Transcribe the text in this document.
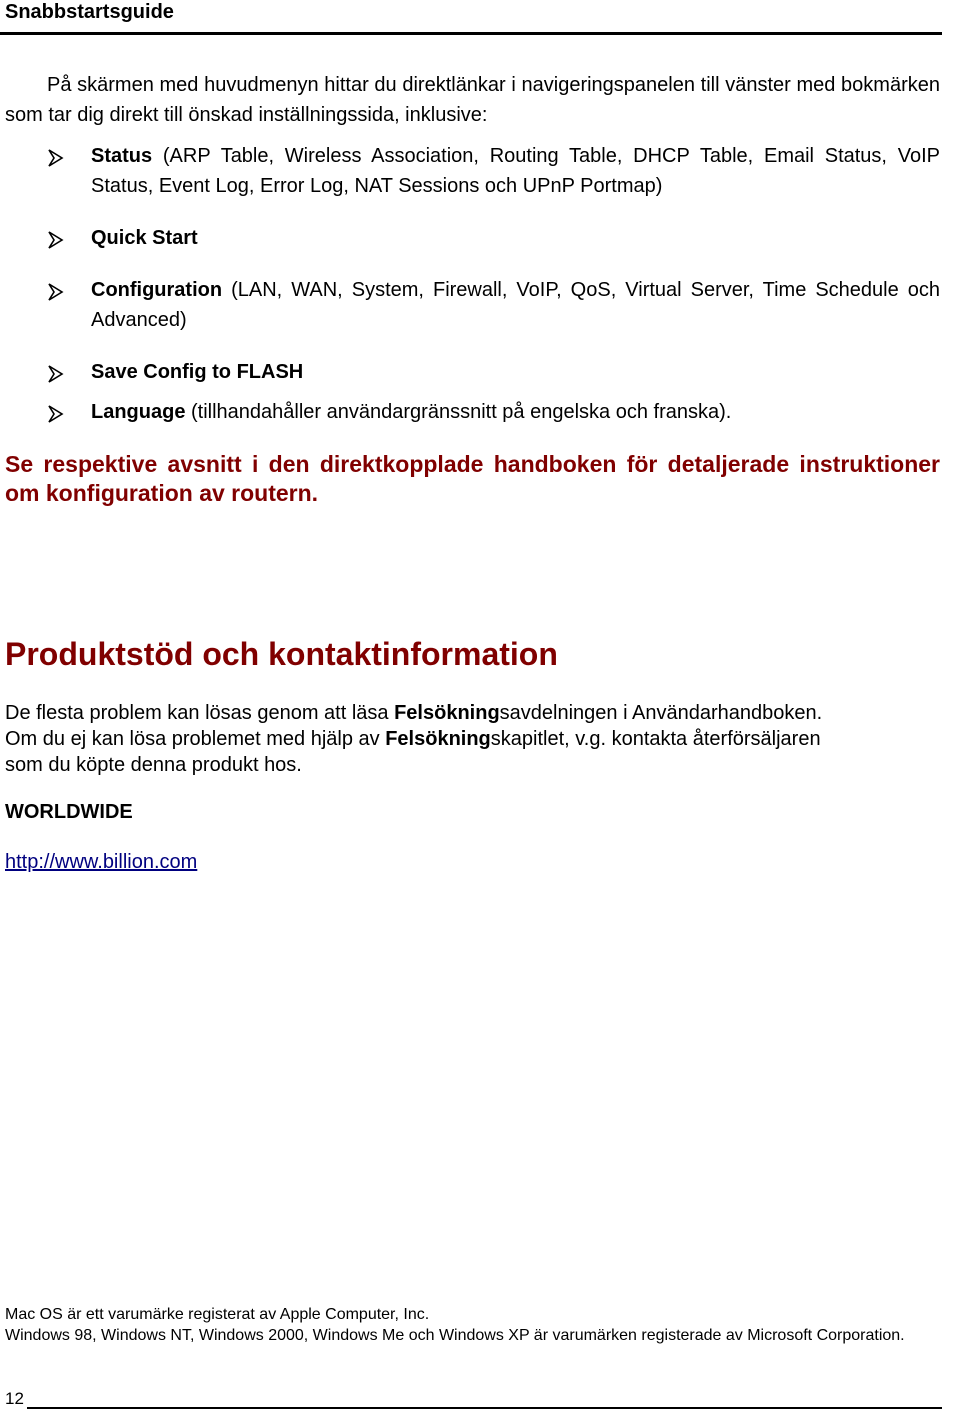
Snabbstartsguide
På skärmen med huvudmenyn hittar du direktlänkar i navigeringspanelen till vänster med bokmärken som tar dig direkt till önskad inställningssida, inklusive:
Status (ARP Table, Wireless Association, Routing Table, DHCP Table, Email Status, VoIP Status, Event Log, Error Log, NAT Sessions och UPnP Portmap)
Quick Start
Configuration (LAN, WAN, System, Firewall, VoIP, QoS, Virtual Server, Time Schedule och Advanced)
Save Config to FLASH
Language (tillhandahåller användargränssnitt på engelska och franska).
Se respektive avsnitt i den direktkopplade handboken för detaljerade instruktioner om konfiguration av routern.
Produktstöd och kontaktinformation
De flesta problem kan lösas genom att läsa Felsökningsavdelningen i Användarhandboken.
Om du ej kan lösa problemet med hjälp av Felsökningskapitlet, v.g. kontakta återförsäljaren
som du köpte denna produkt hos.
WORLDWIDE
http://www.billion.com
Mac OS är ett varumärke registerat av Apple Computer, Inc.
Windows 98, Windows NT, Windows 2000, Windows Me och Windows XP är varumärken registerade av Microsoft Corporation.
12
